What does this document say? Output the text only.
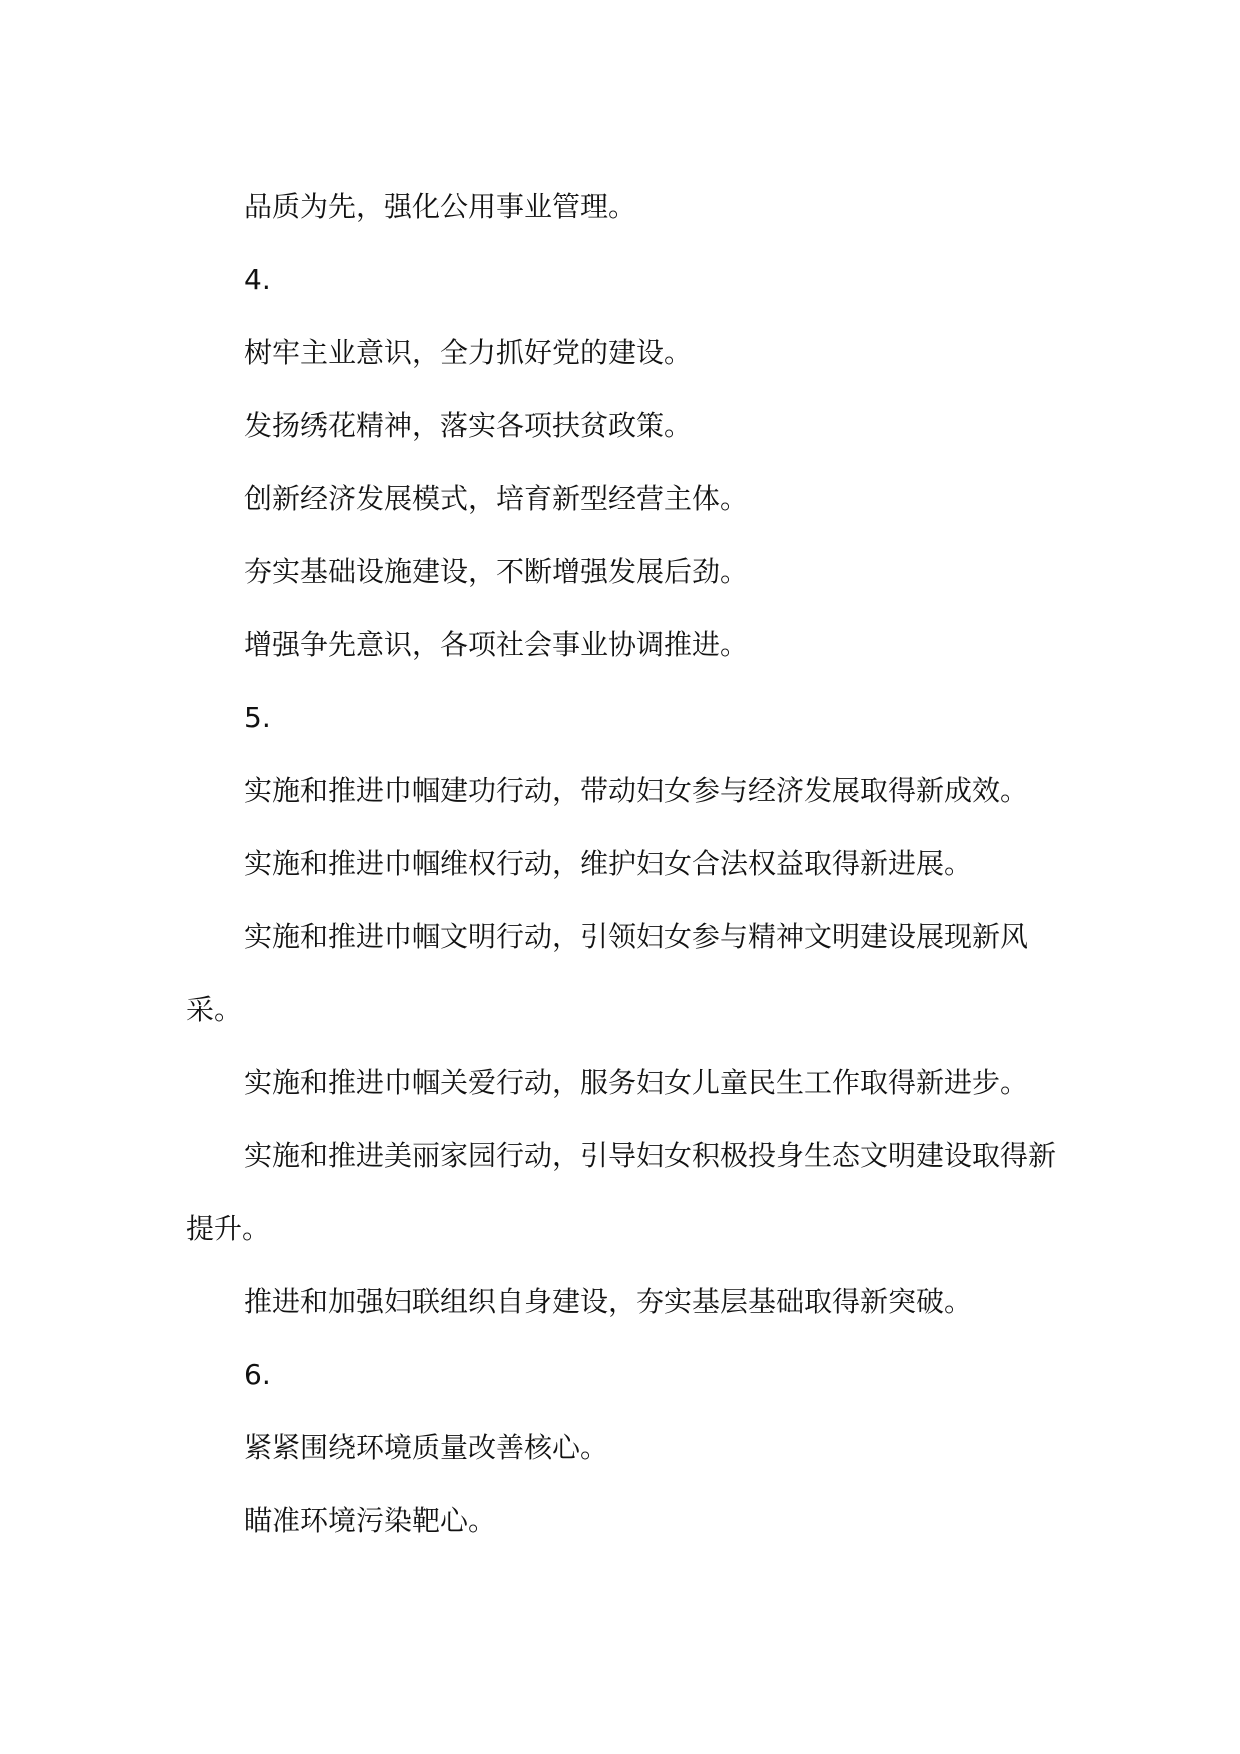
品质为先，强化公用事业管理。

4.

树牢主业意识，全力抓好党的建设。

发扬绣花精神，落实各项扶贫政策。

创新经济发展模式，培育新型经营主体。

夯实基础设施建设，不断增强发展后劲。

增强争先意识，各项社会事业协调推进。

5.

实施和推进巾帼建功行动，带动妇女参与经济发展取得新成效。

实施和推进巾帼维权行动，维护妇女合法权益取得新进展。

实施和推进巾帼文明行动，引领妇女参与精神文明建设展现新风采。

实施和推进巾帼关爱行动，服务妇女儿童民生工作取得新进步。

实施和推进美丽家园行动，引导妇女积极投身生态文明建设取得新提升。

推进和加强妇联组织自身建设，夯实基层基础取得新突破。

6.

紧紧围绕环境质量改善核心。

瞄准环境污染靶心。
